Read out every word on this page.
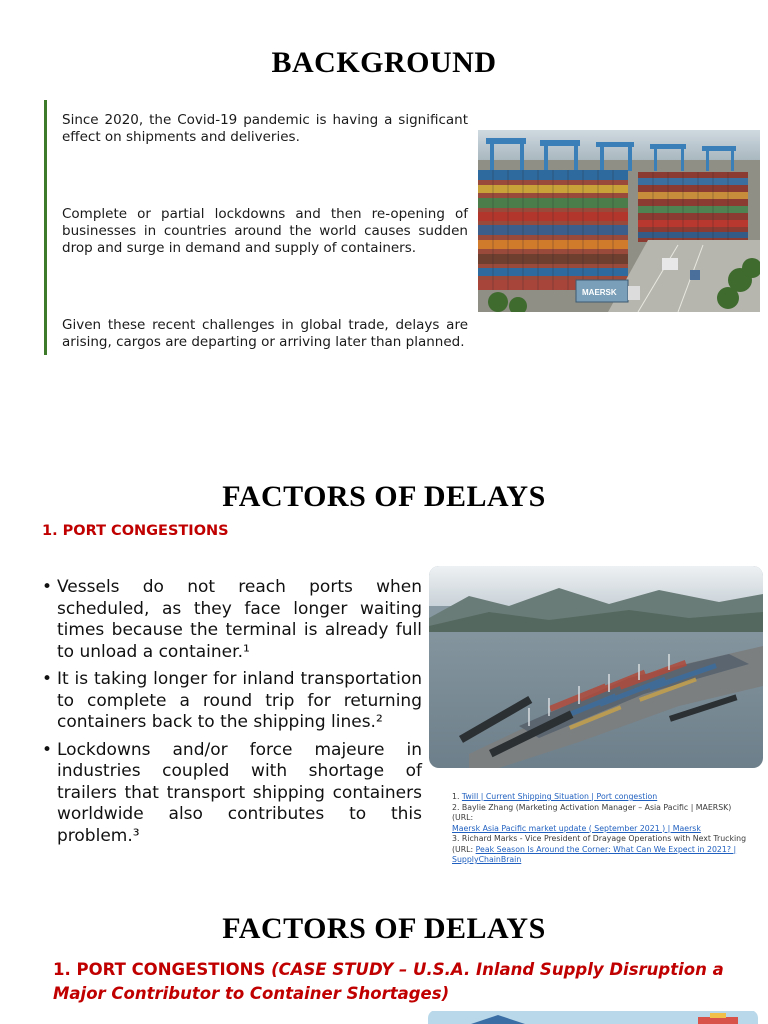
BACKGROUND

Since 2020, the Covid-19 pandemic is having a significant effect on shipments and deliveries.

Complete or partial lockdowns and then re-opening of businesses in countries around the world causes sudden drop and surge in demand and supply of containers.

Given these recent challenges in global trade, delays are arising, cargos are departing or arriving later than planned.

MAERSK
FACTORS OF DELAYS
1. PORT CONGESTIONS
• Vessels do not reach ports when scheduled, as they face longer waiting times because the terminal is already full to unload a container.¹
• It is taking longer for inland transportation to complete a round trip for returning containers back to the shipping lines.²
• Lockdowns and/or force majeure in industries coupled with shortage of trailers that transport shipping containers worldwide also contributes to this problem.³
1. Twill | Current Shipping Situation | Port congestion
2. Baylie Zhang (Marketing Activation Manager – Asia Pacific | MAERSK) (URL:
Maersk Asia Pacific market update ( September 2021 ) | Maersk
3. Richard Marks - Vice President of Drayage Operations with Next Trucking
(URL: Peak Season Is Around the Corner: What Can We Expect in 2021? | SupplyChainBrain
FACTORS OF DELAYS
1. PORT CONGESTIONS (CASE STUDY – U.S.A. Inland Supply Disruption a Major Contributor to Container Shortages)
